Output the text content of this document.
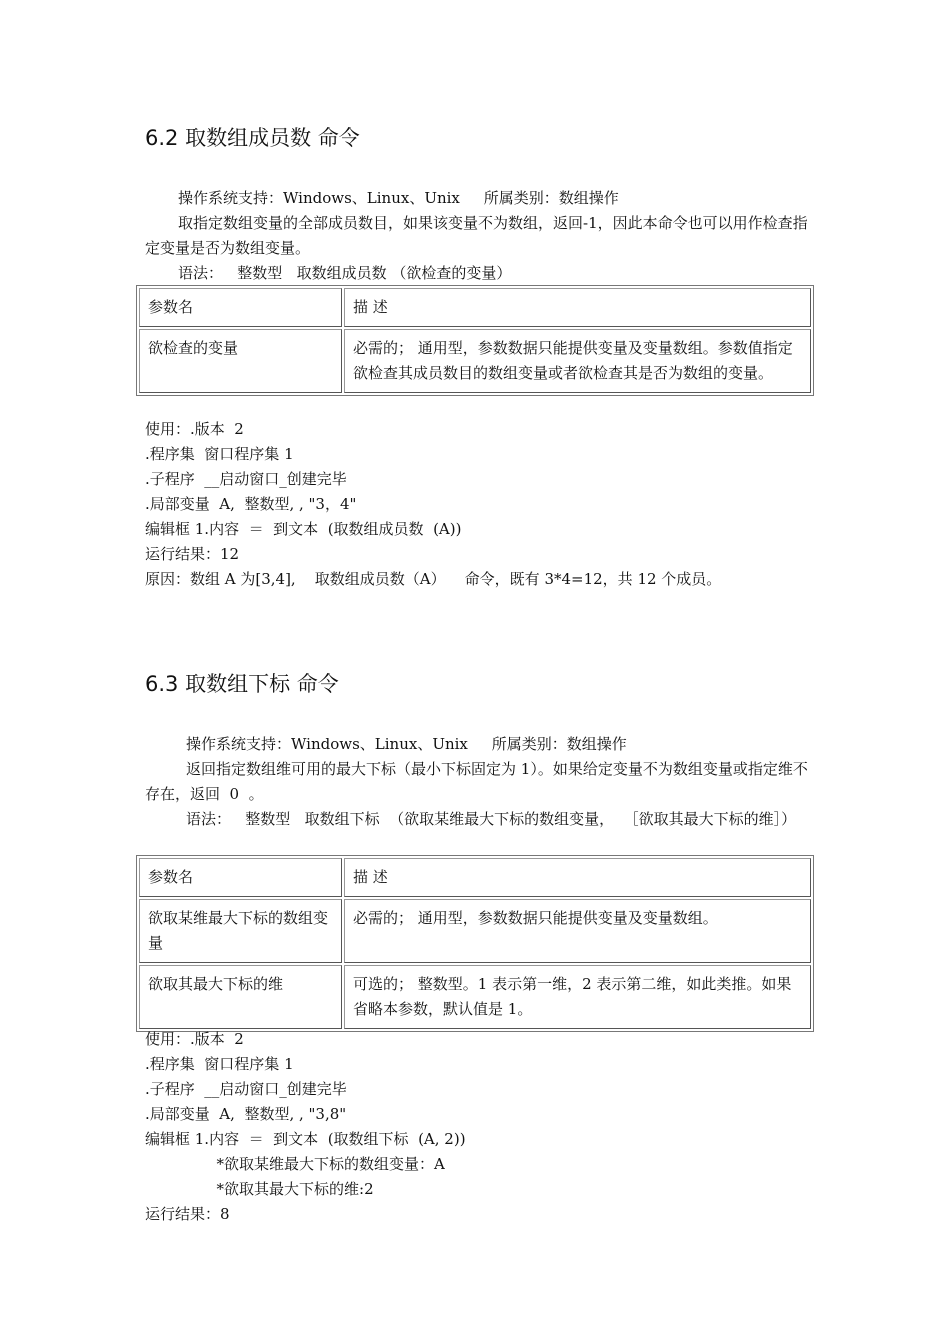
6.2 取数组成员数 命令

操作系统支持：Windows、Linux、Unix     所属类别：数组操作

取指定数组变量的全部成员数目，如果该变量不为数组，返回-1，因此本命令也可以用作检查指定变量是否为数组变量。

语法：   整数型   取数组成员数 （欲检查的变量）

参数名	描 述
欲检查的变量	必需的； 通用型，参数数据只能提供变量及变量数组。参数值指定欲检查其成员数目的数组变量或者欲检查其是否为数组的变量。

使用：.版本  2

.程序集  窗口程序集 1

.子程序  __启动窗口_创建完毕

.局部变量  A,  整数型, , "3，4"

编辑框 1.内容  ＝  到文本  (取数组成员数  (A))

运行结果：12

原因：数组 A 为[3,4],    取数组成员数（A）    命令，既有 3*4=12，共 12 个成员。

6.3 取数组下标 命令

操作系统支持：Windows、Linux、Unix     所属类别：数组操作

返回指定数组维可用的最大下标（最小下标固定为 1）。如果给定变量不为数组变量或指定维不存在，返回  0  。

语法：   整数型   取数组下标  （欲取某维最大下标的数组变量，  ［欲取其最大下标的维］）

参数名	描 述
欲取某维最大下标的数组变量	必需的； 通用型，参数数据只能提供变量及变量数组。
欲取其最大下标的维	可选的； 整数型。1 表示第一维，2 表示第二维，如此类推。如果省略本参数，默认值是 1。

使用：.版本  2

.程序集  窗口程序集 1

.子程序  __启动窗口_创建完毕

.局部变量  A,  整数型, , "3,8"

编辑框 1.内容  ＝  到文本  (取数组下标  (A, 2))

*欲取某维最大下标的数组变量：A

*欲取其最大下标的维:2

运行结果：8
